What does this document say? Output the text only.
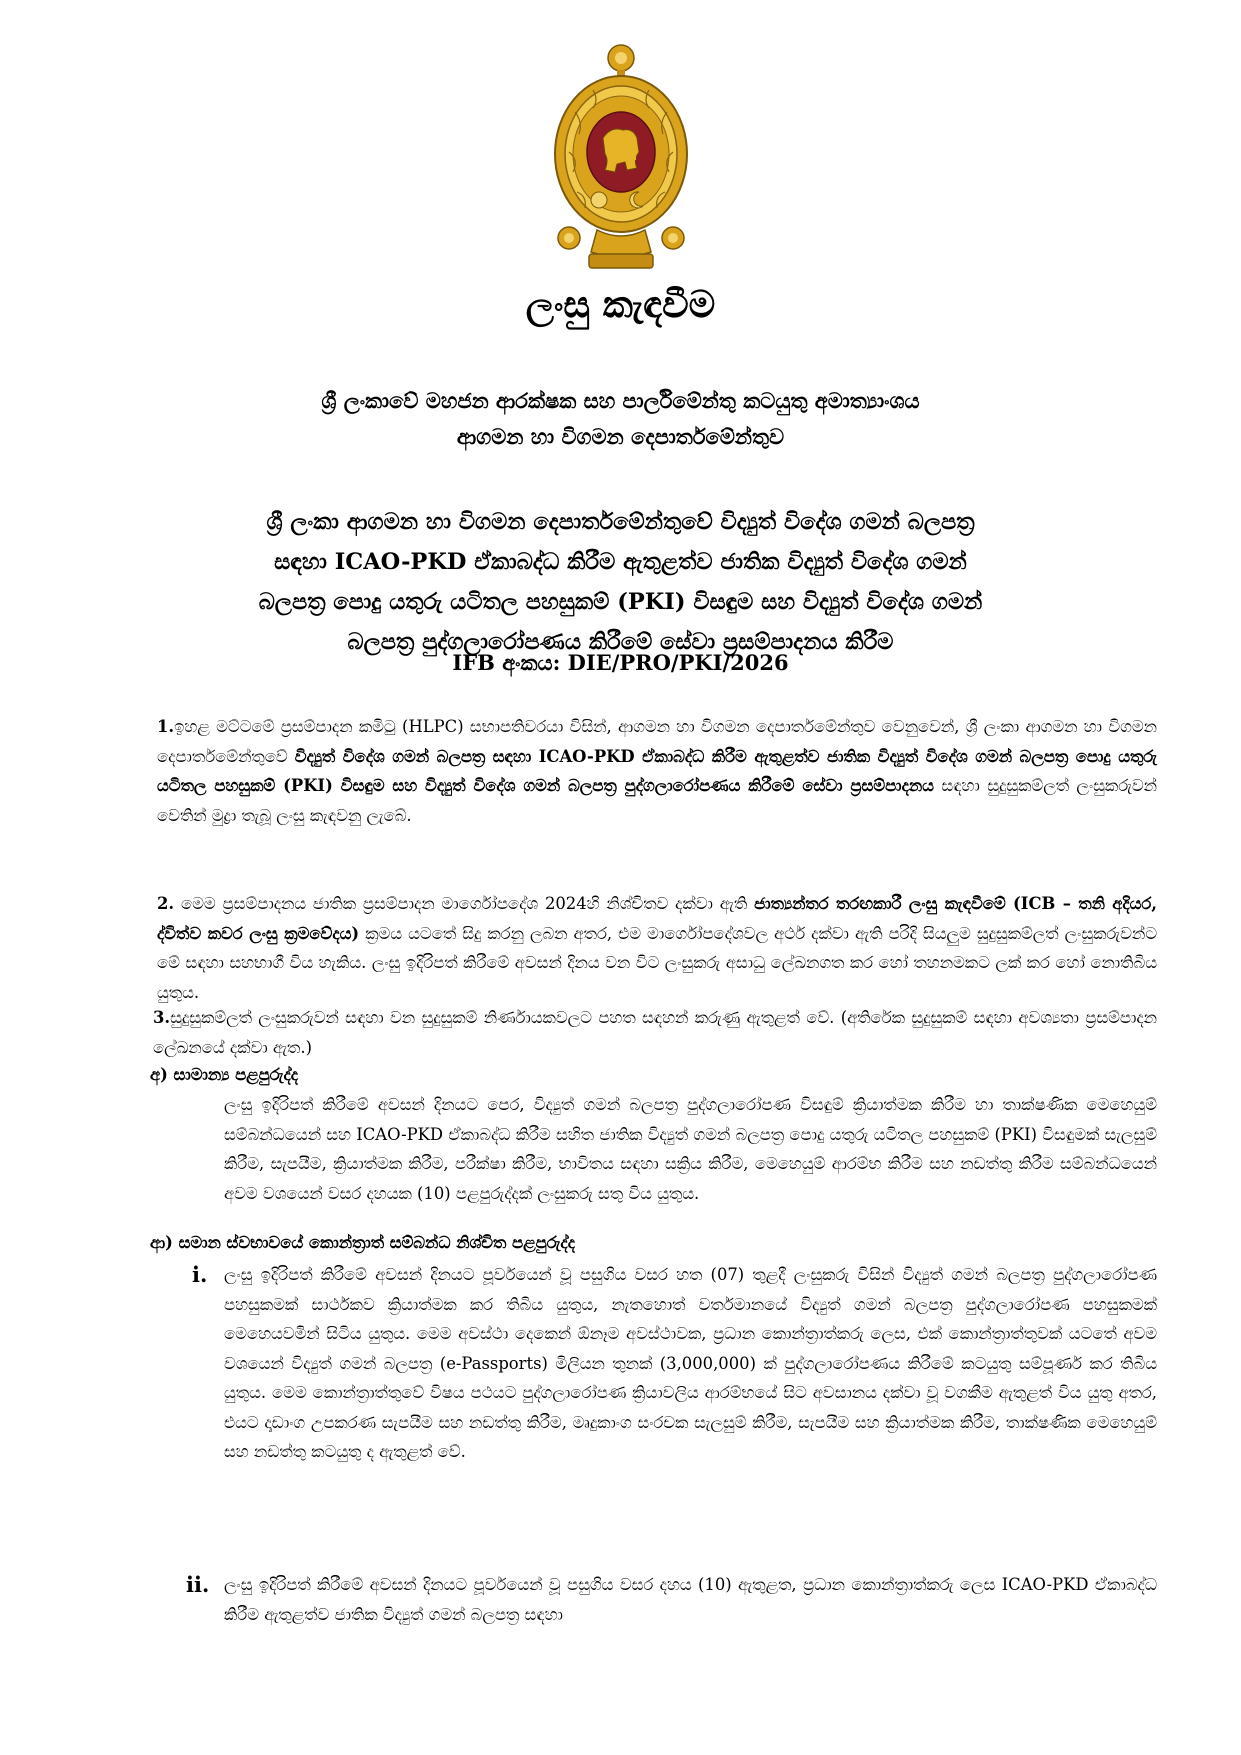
ලංසු කැඳවීම
ශ්‍රී ලංකාවේ මහජන ආරක්ෂක සහ පාර්ලිමේන්තු කටයුතු අමාත්‍යාංශය
ආගමන හා විගමන දෙපාර්තමේන්තුව
ශ්‍රී ලංකා ආගමන හා විගමන දෙපාර්තමේන්තුවේ විද්‍යුත් විදේශ ගමන් බලපත්‍ර
සඳහා ICAO-PKD ඒකාබද්ධ කිරීම ඇතුළත්ව ජාතික විද්‍යුත් විදේශ ගමන්
බලපත්‍ර පොදු යතුරු යටිතල පහසුකම් (PKI) විසඳුම සහ විද්‍යුත් විදේශ ගමන්
බලපත්‍ර පුද්ගලාරෝපණය කිරීමේ සේවා ප්‍රසම්පාදනය කිරීම
IFB අංකය: DIE/PRO/PKI/2026
1.ඉහළ මට්ටමේ ප්‍රසම්පාදන කමිටු (HLPC) සභාපතිවරයා විසින්, ආගමන හා විගමන දෙපාර්තමේන්තුව වෙනුවෙන්, ශ්‍රී ලංකා ආගමන හා විගමන දෙපාර්තමේන්තුවේ විද්‍යුත් විදේශ ගමන් බලපත්‍ර සඳහා ICAO-PKD ඒකාබද්ධ කිරීම ඇතුළත්ව ජාතික විද්‍යුත් විදේශ ගමන් බලපත්‍ර පොදු යතුරු යටිතල පහසුකම් (PKI) විසඳුම සහ විද්‍යුත් විදේශ ගමන් බලපත්‍ර පුද්ගලාරෝපණය කිරීමේ සේවා ප්‍රසම්පාදනය සඳහා සුදුසුකම්ලත් ලංසුකරුවන් වෙතින් මුද්‍රා තැබූ ලංසු කැඳවනු ලැබේ.
2. මෙම ප්‍රසම්පාදනය ජාතික ප්‍රසම්පාදන මාර්ගෝපදේශ 2024හි නිශ්චිතව දක්වා ඇති ජාත්‍යන්තර තරඟකාරී ලංසු කැඳවීමේ (ICB – තනි අදියර, ද්විත්ව කවර ලංසු ක්‍රමවේදය) ක්‍රමය යටතේ සිදු කරනු ලබන අතර, එම මාර්ගෝපදේශවල අර්ථ දක්වා ඇති පරිදි සියලුම සුදුසුකම්ලත් ලංසුකරුවන්ට මේ සඳහා සහභාගී විය හැකිය. ලංසු ඉදිරිපත් කිරීමේ අවසන් දිනය වන විට ලංසුකරු අසාධු ලේඛනගත කර හෝ තහනමකට ලක් කර හෝ නොතිබිය යුතුය.
3.සුදුසුකම්ලත් ලංසුකරුවන් සඳහා වන සුදුසුකම් නිර්ණායකවලට පහත සඳහන් කරුණු ඇතුළත් වේ. (අතිරේක සුදුසුකම් සඳහා අවශ්‍යතා ප්‍රසම්පාදන ලේඛනයේ දක්වා ඇත.)
අ) සාමාන්‍ය පළපුරුද්ද
ලංසු ඉදිරිපත් කිරීමේ අවසන් දිනයට පෙර, විද්‍යුත් ගමන් බලපත්‍ර පුද්ගලාරෝපණ විසඳුම් ක්‍රියාත්මක කිරීම හා තාක්ෂණික මෙහෙයුම් සම්බන්ධයෙන් සහ ICAO-PKD ඒකාබද්ධ කිරීම සහිත ජාතික විද්‍යුත් ගමන් බලපත්‍ර පොදු යතුරු යටිතල පහසුකම් (PKI) විසඳුමක් සැලසුම් කිරීම, සැපයීම, ක්‍රියාත්මක කිරීම, පරීක්ෂා කිරීම, භාවිතය සඳහා සක්‍රිය කිරීම, මෙහෙයුම් ආරම්භ කිරීම සහ නඩත්තු කිරීම සම්බන්ධයෙන් අවම වශයෙන් වසර දහයක (10) පළපුරුද්දක් ලංසුකරු සතු විය යුතුය.
ආ) සමාන ස්වභාවයේ කොන්ත්‍රාත් සම්බන්ධ නිශ්චිත පළපුරුද්ද
i. ලංසු ඉදිරිපත් කිරීමේ අවසන් දිනයට පූර්වයෙන් වූ පසුගිය වසර හත (07) තුළදී ලංසුකරු විසින් විද්‍යුත් ගමන් බලපත්‍ර පුද්ගලාරෝපණ පහසුකමක් සාර්ථකව ක්‍රියාත්මක කර තිබිය යුතුය, නැතහොත් වර්තමානයේ විද්‍යුත් ගමන් බලපත්‍ර පුද්ගලාරෝපණ පහසුකමක් මෙහෙයවමින් සිටිය යුතුය. මෙම අවස්ථා දෙකෙන් ඕනෑම අවස්ථාවක, ප්‍රධාන කොන්ත්‍රාත්කරු ලෙස, එක් කොන්ත්‍රාත්තුවක් යටතේ අවම වශයෙන් විද්‍යුත් ගමන් බලපත්‍ර (e-Passports) මිලියන තුනක් (3,000,000) ක් පුද්ගලාරෝපණය කිරීමේ කටයුතු සම්පූර්ණ කර තිබිය යුතුය. මෙම කොන්ත්‍රාත්තුවේ විෂය පථයට පුද්ගලාරෝපණ ක්‍රියාවලිය ආරම්භයේ සිට අවසානය දක්වා වූ වගකීම ඇතුළත් විය යුතු අතර, එයට දෘඩාංග උපකරණ සැපයීම සහ නඩත්තු කිරීම, මෘදුකාංග සංරචක සැලසුම් කිරීම, සැපයීම සහ ක්‍රියාත්මක කිරීම, තාක්ෂණික මෙහෙයුම් සහ නඩත්තු කටයුතු ද ඇතුළත් වේ.
ii. ලංසු ඉදිරිපත් කිරීමේ අවසන් දිනයට පූර්වයෙන් වූ පසුගිය වසර දහය (10) ඇතුළත, ප්‍රධාන කොන්ත්‍රාත්කරු ලෙස ICAO-PKD ඒකාබද්ධ කිරීම ඇතුළත්ව ජාතික විද්‍යුත් ගමන් බලපත්‍ර සඳහා
